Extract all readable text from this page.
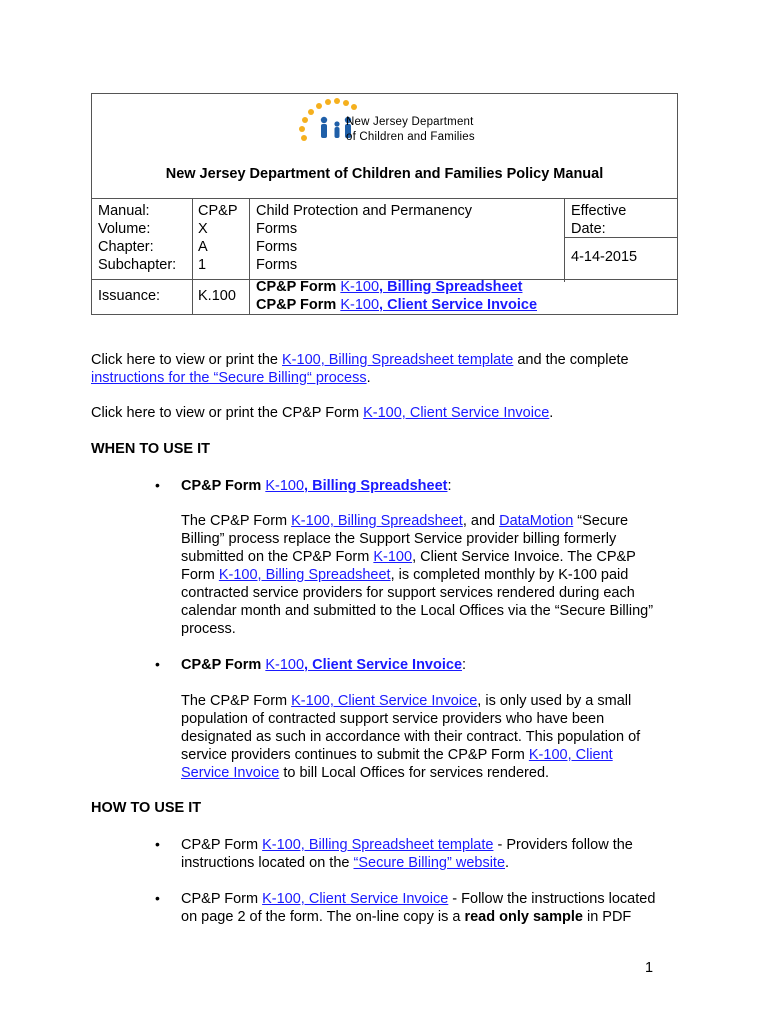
New Jersey Department
of Children and Families
New Jersey Department of Children and Families Policy Manual
Manual:
Volume:
Chapter:
Subchapter:
Issuance:
CP&P
X
A
1
K.100
Child Protection and Permanency
Forms
Forms
Forms
CP&P Form K-100, Billing Spreadsheet
CP&P Form K-100, Client Service Invoice
Effective
Date:
4-14-2015
Click here to view or print the K-100, Billing Spreadsheet template and the complete
instructions for the “Secure Billing“ process.
Click here to view or print the CP&P Form K-100, Client Service Invoice.
WHEN TO USE IT
• CP&P Form K-100, Billing Spreadsheet:
The CP&P Form K-100, Billing Spreadsheet, and DataMotion “Secure
Billing” process replace the Support Service provider billing formerly
submitted on the CP&P Form K-100, Client Service Invoice. The CP&P
Form K-100, Billing Spreadsheet, is completed monthly by K-100 paid
contracted service providers for support services rendered during each
calendar month and submitted to the Local Offices via the “Secure Billing”
process.
• CP&P Form K-100, Client Service Invoice:
The CP&P Form K-100, Client Service Invoice, is only used by a small
population of contracted support service providers who have been
designated as such in accordance with their contract. This population of
service providers continues to submit the CP&P Form K-100, Client
Service Invoice to bill Local Offices for services rendered.
HOW TO USE IT
• CP&P Form K-100, Billing Spreadsheet template - Providers follow the
instructions located on the “Secure Billing” website.
• CP&P Form K-100, Client Service Invoice - Follow the instructions located
on page 2 of the form. The on-line copy is a read only sample in PDF
1
